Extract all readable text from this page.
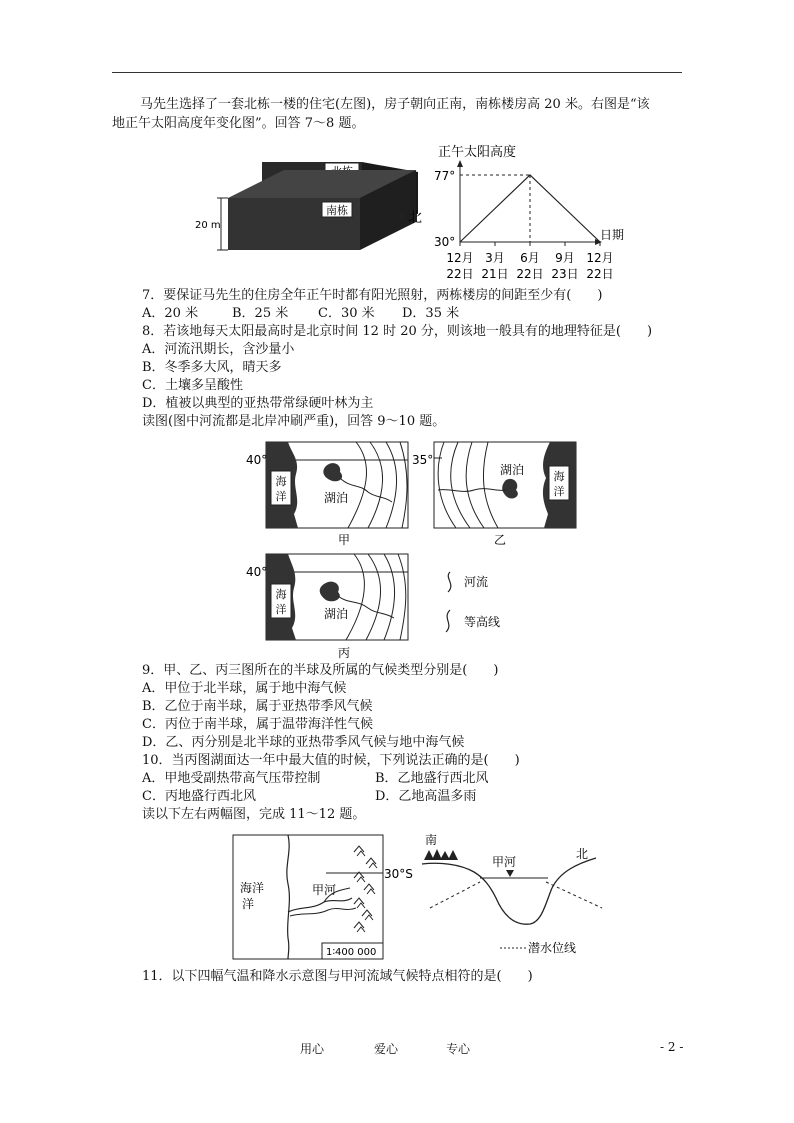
马先生选择了一套北栋一楼的住宅(左图)，房子朝向正南，南栋楼房高 20 米。右图是“该
地正午太阳高度年变化图”。回答 7～8 题。
南栋
20 m	北
正午太阳高度
77°
30°	日期
12月
22日
3月
21日
6月
22日
9月
23日
12月
22日
7．要保证马先生的住房全年正午时都有阳光照射，两栋楼房的间距至少有(　　)
A．20 米	B．25 米 C．30 米 D．35 米
8．若该地每天太阳最高时是北京时间 12 时 20 分，则该地一般具有的地理特征是(　　)
A．河流汛期长，含沙量小
B．冬季多大风，晴天多
C．土壤多呈酸性
D．植被以典型的亚热带常绿硬叶林为主
读图(图中河流都是北岸冲刷严重)，回答 9～10 题。
海
洋
40°
湖泊
甲
海
洋
35°
湖泊
乙
海
洋
40°
湖泊
丙
河流
等高线
9．甲、乙、丙三图所在的半球及所属的气候类型分别是(　　)
A．甲位于北半球，属于地中海气候
B．乙位于南半球，属于亚热带季风气候
C．丙位于南半球，属于温带海洋性气候
D．乙、丙分别是北半球的亚热带季风气候与地中海气候
10．当丙图湖面达一年中最大值的时候，下列说法正确的是(　　)
A．甲地受副热带高气压带控制	B．乙地盛行西北风
C．丙地盛行西北风	D．乙地高温多雨
读以下左右两幅图，完成 11～12 题。
海洋
洋
30°S
甲河
1∶400 000
南
北
甲河
潜水位线
11．以下四幅气温和降水示意图与甲河流域气候特点相符的是(　　)
用心	爱心	专心	- 2 -
